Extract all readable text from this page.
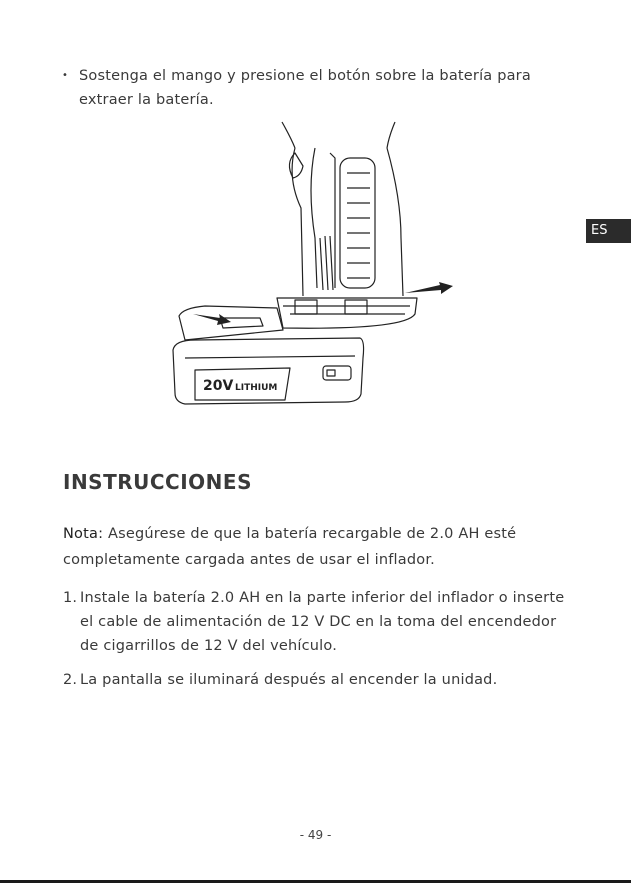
• Sostenga el mango y presione el botón sobre la batería para extraer la batería.
ES
20V LITHIUM
INSTRUCCIONES
Nota: Asegúrese de que la batería recargable de 2.0 AH esté completamente cargada antes de usar el inflador.
1. Instale la batería 2.0 AH en la parte inferior del inflador o inserte el cable de alimentación de 12 V DC en la toma del encendedor de cigarrillos de 12 V del vehículo.
2. La pantalla se iluminará después al encender la unidad.
- 49 -
